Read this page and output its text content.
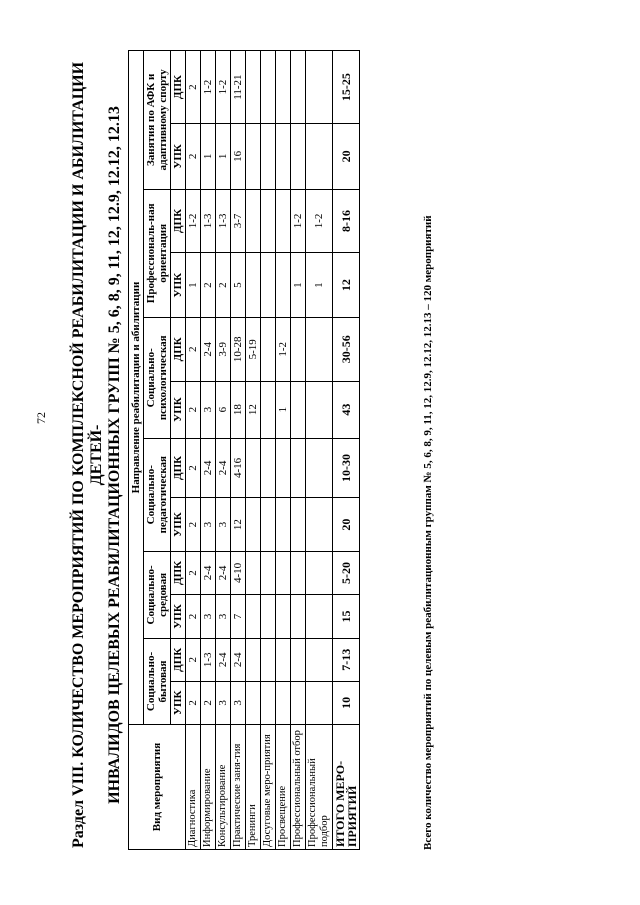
72 Раздел VIII. КОЛИЧЕСТВО МЕРОПРИЯТИЙ ПО КОМПЛЕКСНОЙ РЕАБИЛИТАЦИИ И АБИЛИТАЦИИ ДЕТЕЙ- ИНВАЛИДОВ ЦЕЛЕВЫХ РЕАБИЛИТАЦИОННЫХ ГРУПП № 5, 6, 8, 9, 11, 12, 12.9, 12.12, 12.13	Вид мероприятия	Направление реабилитации и абилитации											
	Социально-бытовая		Социально-средовая		Социально-педагогическая		Социально-психологическая		Профессиональ-ная ориентация		Занятия по АФК и адаптивному спорту	
	УПК	ДПК	УПК	ДПК	УПК	ДПК	УПК	ДПК	УПК	ДПК	УПК	ДПК
Диагностика	2	2	2	2	2	2	2	2	1	1-2	2	2
Информирование	2	1-3	3	2-4	3	2-4	3	2-4	2	1-3	1	1-2
Консультирование	3	2-4	3	2-4	3	2-4	6	3-9	2	1-3	1	1-2
Практические заня-тия	3	2-4	7	4-10	12	4-16	18	10-28	5	3-7	16	11-21
Тренинги							12	5-19				
Досуговые меро-приятия												
Просвещение							1	1-2				
Профессиональный отбор									1	1-2		
Профессиональный подбор									1	1-2		
ИТОГО МЕРО-ПРИЯТИЙ	10	7-13	15	5-20	20	10-30	43	30-56	12	8-16	20	15-25
Всего количество мероприятий по целевым реабилитационным группам № 5, 6, 8, 9, 11, 12, 12.9, 12.12, 12.13 – 120 мероприятий
